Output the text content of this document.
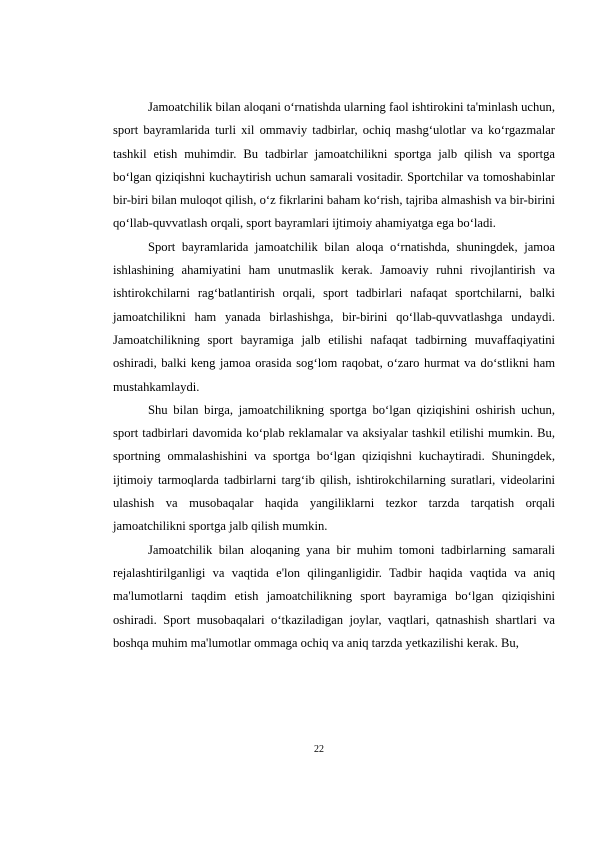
Jamoatchilik bilan aloqani o‘rnatishda ularning faol ishtirokini ta'minlash uchun, sport bayramlarida turli xil ommaviy tadbirlar, ochiq mashg‘ulotlar va ko‘rgazmalar tashkil etish muhimdir. Bu tadbirlar jamoatchilikni sportga jalb qilish va sportga bo‘lgan qiziqishni kuchaytirish uchun samarali vositadir. Sportchilar va tomoshabinlar bir-biri bilan muloqot qilish, o‘z fikrlarini baham ko‘rish, tajriba almashish va bir-birini qo‘llab-quvvatlash orqali, sport bayramlari ijtimoiy ahamiyatga ega bo‘ladi.

Sport bayramlarida jamoatchilik bilan aloqa o‘rnatishda, shuningdek, jamoa ishlashining ahamiyatini ham unutmaslik kerak. Jamoaviy ruhni rivojlantirish va ishtirokchilarni rag‘batlantirish orqali, sport tadbirlari nafaqat sportchilarni, balki jamoatchilikni ham yanada birlashishga, bir-birini qo‘llab-quvvatlashga undaydi. Jamoatchilikning sport bayramiga jalb etilishi nafaqat tadbirning muvaffaqiyatini oshiradi, balki keng jamoa orasida sog‘lom raqobat, o‘zaro hurmat va do‘stlikni ham mustahkamlaydi.

Shu bilan birga, jamoatchilikning sportga bo‘lgan qiziqishini oshirish uchun, sport tadbirlari davomida ko‘plab reklamalar va aksiyalar tashkil etilishi mumkin. Bu, sportning ommalashishini va sportga bo‘lgan qiziqishni kuchaytiradi. Shuningdek, ijtimoiy tarmoqlarda tadbirlarni targ‘ib qilish, ishtirokchilarning suratlari, videolarini ulashish va musobaqalar haqida yangiliklarni tezkor tarzda tarqatish orqali jamoatchilikni sportga jalb qilish mumkin.

Jamoatchilik bilan aloqaning yana bir muhim tomoni tadbirlarning samarali rejalashtirilganligi va vaqtida e'lon qilinganligidir. Tadbir haqida vaqtida va aniq ma'lumotlarni taqdim etish jamoatchilikning sport bayramiga bo‘lgan qiziqishini oshiradi. Sport musobaqalari o‘tkaziladigan joylar, vaqtlari, qatnashish shartlari va boshqa muhim ma'lumotlar ommaga ochiq va aniq tarzda yetkazilishi kerak. Bu,

22
